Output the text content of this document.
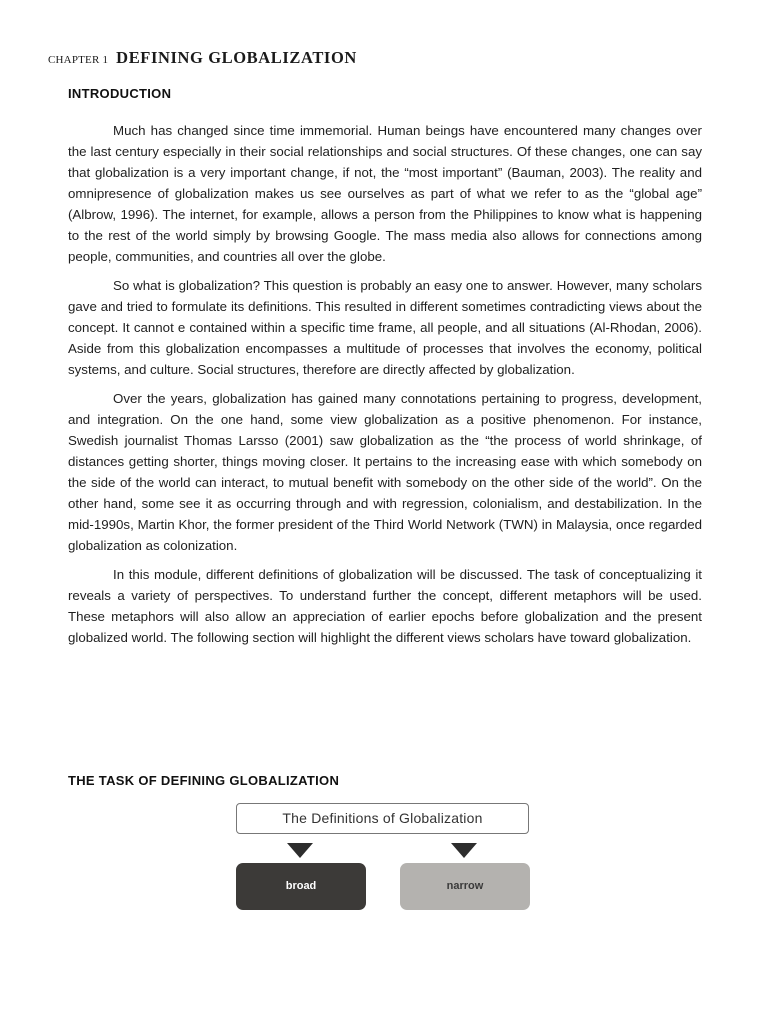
CHAPTER 1 DEFINING GLOBALIZATION
INTRODUCTION

Much has changed since time immemorial. Human beings have encountered many changes over the last century especially in their social relationships and social structures. Of these changes, one can say that globalization is a very important change, if not, the “most important” (Bauman, 2003). The reality and omnipresence of globalization makes us see ourselves as part of what we refer to as the “global age” (Albrow, 1996). The internet, for example, allows a person from the Philippines to know what is happening to the rest of the world simply by browsing Google. The mass media also allows for connections among people, communities, and countries all over the globe.

So what is globalization? This question is probably an easy one to answer. However, many scholars gave and tried to formulate its definitions. This resulted in different sometimes contradicting views about the concept. It cannot e contained within a specific time frame, all people, and all situations (Al-Rhodan, 2006). Aside from this globalization encompasses a multitude of processes that involves the economy, political systems, and culture. Social structures, therefore are directly affected by globalization.

Over the years, globalization has gained many connotations pertaining to progress, development, and integration. On the one hand, some view globalization as a positive phenomenon. For instance, Swedish journalist Thomas Larsso (2001) saw globalization as the “the process of world shrinkage, of distances getting shorter, things moving closer. It pertains to the increasing ease with which somebody on the side of the world can interact, to mutual benefit with somebody on the other side of the world”. On the other hand, some see it as occurring through and with regression, colonialism, and destabilization. In the mid-1990s, Martin Khor, the former president of the Third World Network (TWN) in Malaysia, once regarded globalization as colonization.

In this module, different definitions of globalization will be discussed. The task of conceptualizing it reveals a variety of perspectives. To understand further the concept, different metaphors will be used. These metaphors will also allow an appreciation of earlier epochs before globalization and the present globalized world. The following section will highlight the different views scholars have toward globalization.

THE TASK OF DEFINING GLOBALIZATION
The Definitions of Globalization
broad	narrow
